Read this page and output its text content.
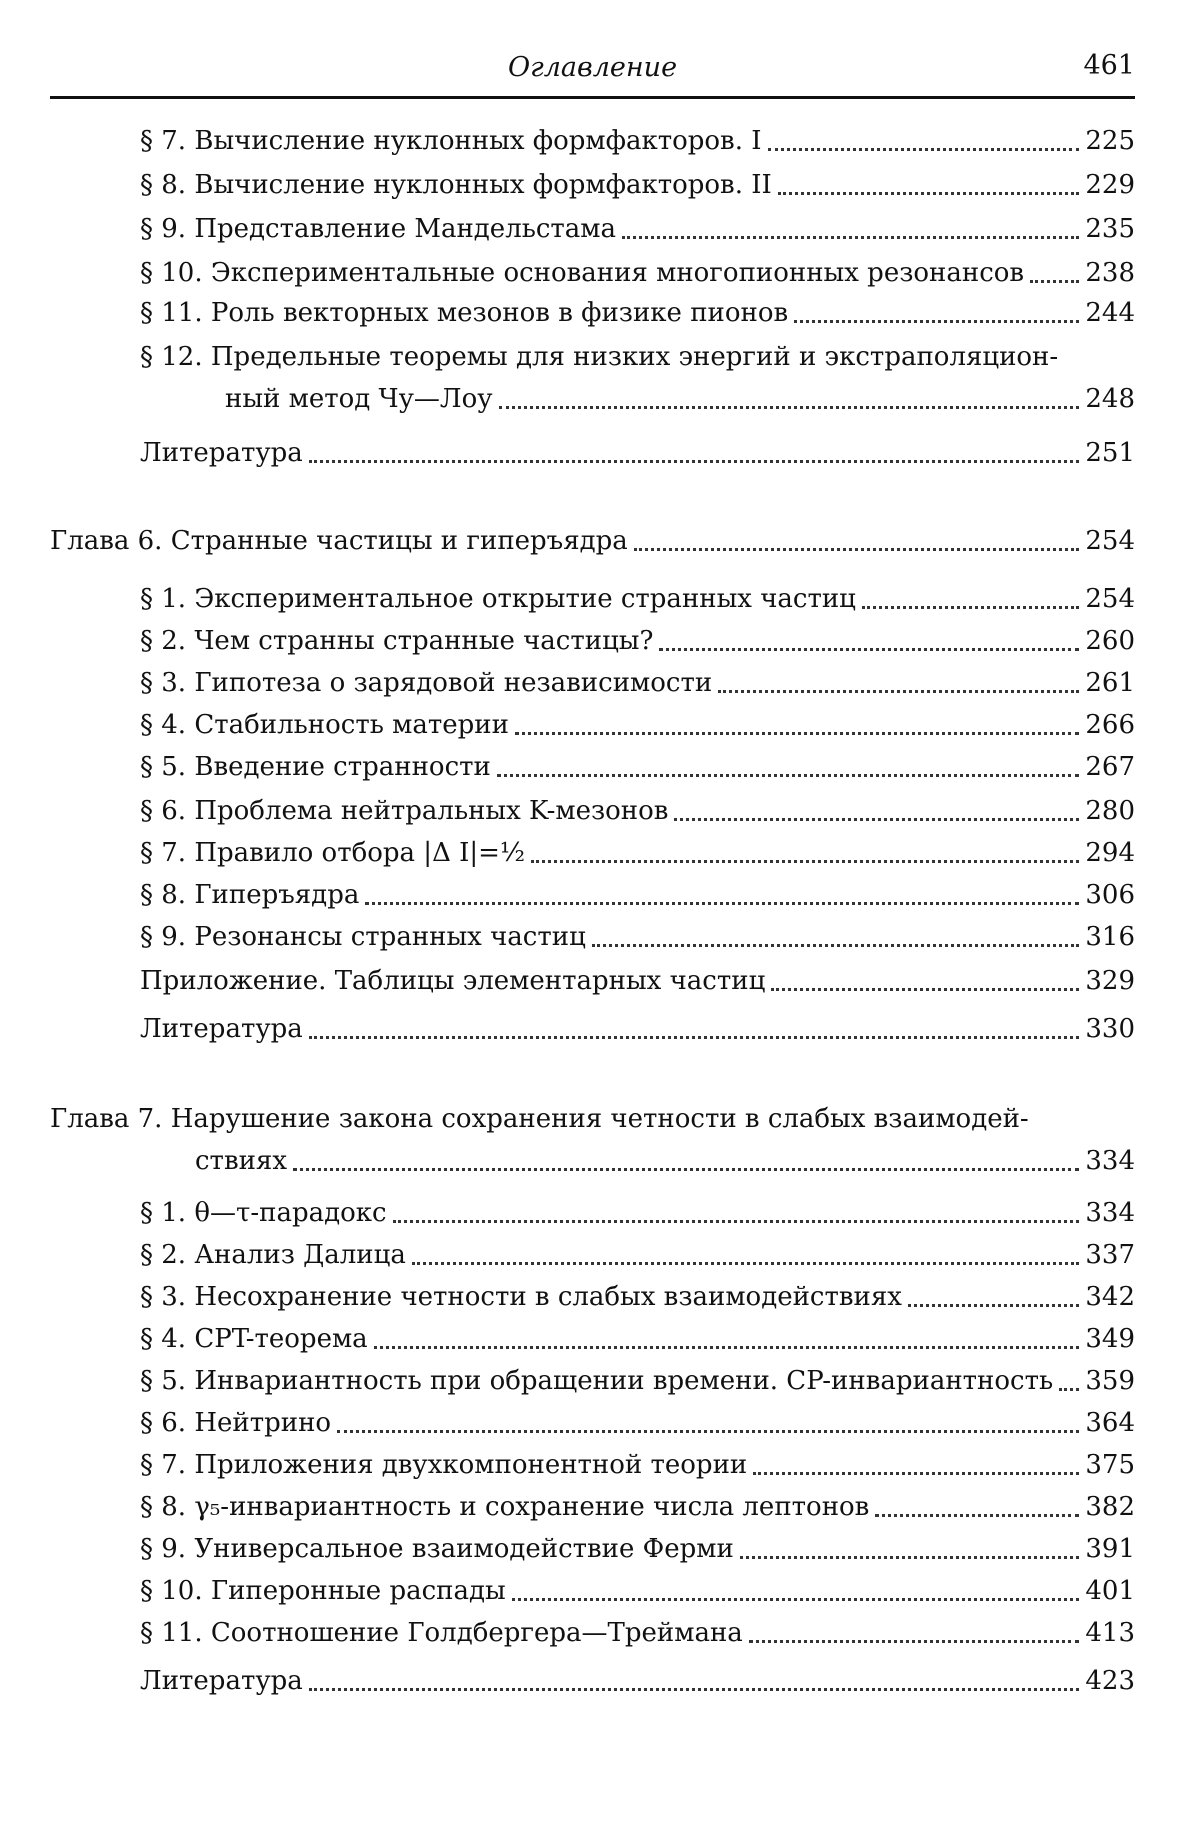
Оглавление	461
§ 7. Вычисление нуклонных формфакторов. I	225
§ 8. Вычисление нуклонных формфакторов. II	229
§ 9. Представление Мандельстама	235
§ 10. Экспериментальные основания многопионных резонансов 238
§ 11. Роль векторных мезонов в физике пионов	244
§ 12. Предельные теоремы для низких энергий и экстраполяцион-
ный метод Чу—Лоу	248
Литература	251
Глава 6. Странные частицы и гиперъядра	254
§ 1. Экспериментальное открытие странных частиц	254
§ 2. Чем странны странные частицы?	260
§ 3. Гипотеза о зарядовой независимости	261
§ 4. Стабильность материи	266
§ 5. Введение странности	267
§ 6. Проблема нейтральных K-мезонов	280
§ 7. Правило отбора |Δ I|=½	294
§ 8. Гиперъядра	306
§ 9. Резонансы странных частиц	316
Приложение. Таблицы элементарных частиц	329
Литература	330
Глава 7. Нарушение закона сохранения четности в слабых взаимодей-
ствиях	334
§ 1. θ—τ-парадокс	334
§ 2. Анализ Далица	337
§ 3. Несохранение четности в слабых взаимодействиях	342
§ 4. CPT-теорема	349
§ 5. Инвариантность при обращении времени. CP-инвариантность 359
§ 6. Нейтрино	364
§ 7. Приложения двухкомпонентной теории	375
§ 8. γ₅-инвариантность и сохранение числа лептонов	382
§ 9. Универсальное взаимодействие Ферми	391
§ 10. Гиперонные распады	401
§ 11. Соотношение Голдбергера—Треймана	413
Литература	423
